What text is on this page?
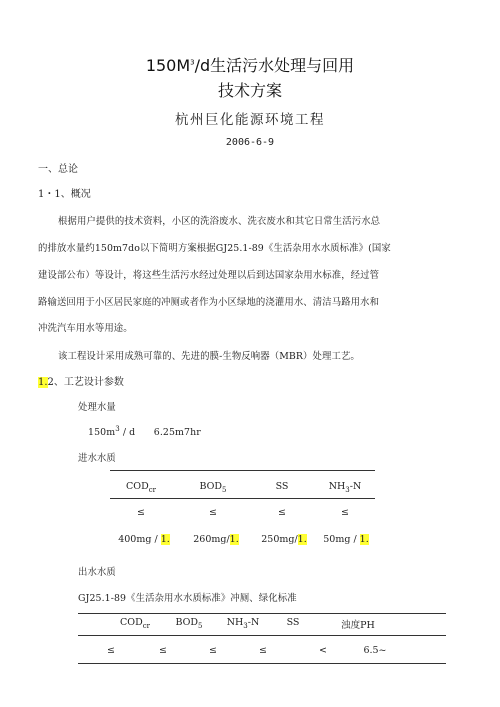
$150M^3/d$生活污水处理与回用
技术方案
杭州巨化能源环境工程
2006-6-9
一、总论
1・1、概况
根据用户提供的技术资料，小区的洗浴废水、洗衣废水和其它日常生活污水总
的排放水量约150m7do以下简明方案根据GJ25.1-89《生活杂用水水质标准》(国家
建设部公布）等设计，将这些生活污水经过处理以后到达国家杂用水标准，经过管
路输送回用于小区居民家庭的冲厕或者作为小区绿地的浇灌用水、清洁马路用水和
冲洗汽车用水等用途。
该工程设计采用成熟可靠的、先进的膜-生物反响器（MBR）处理工艺。
1.2、工艺设计参数
处理水量
$150m^3$ / d      6.25m7hr
进水水质
$COD_{cr}$	$BOD_5$	SS	$NH_3-N$
≤	≤	≤	≤
400mg / 1.	260mg/1.	250mg/1.	50mg / 1.
出水水质
GJ25.1-89《生活杂用水水质标准》冲厕、绿化标准
$COD_{cr}$	$BOD_5$	$NH_3-N$	SS	浊度PH
≤	≤	≤	≤	<	6.5~
